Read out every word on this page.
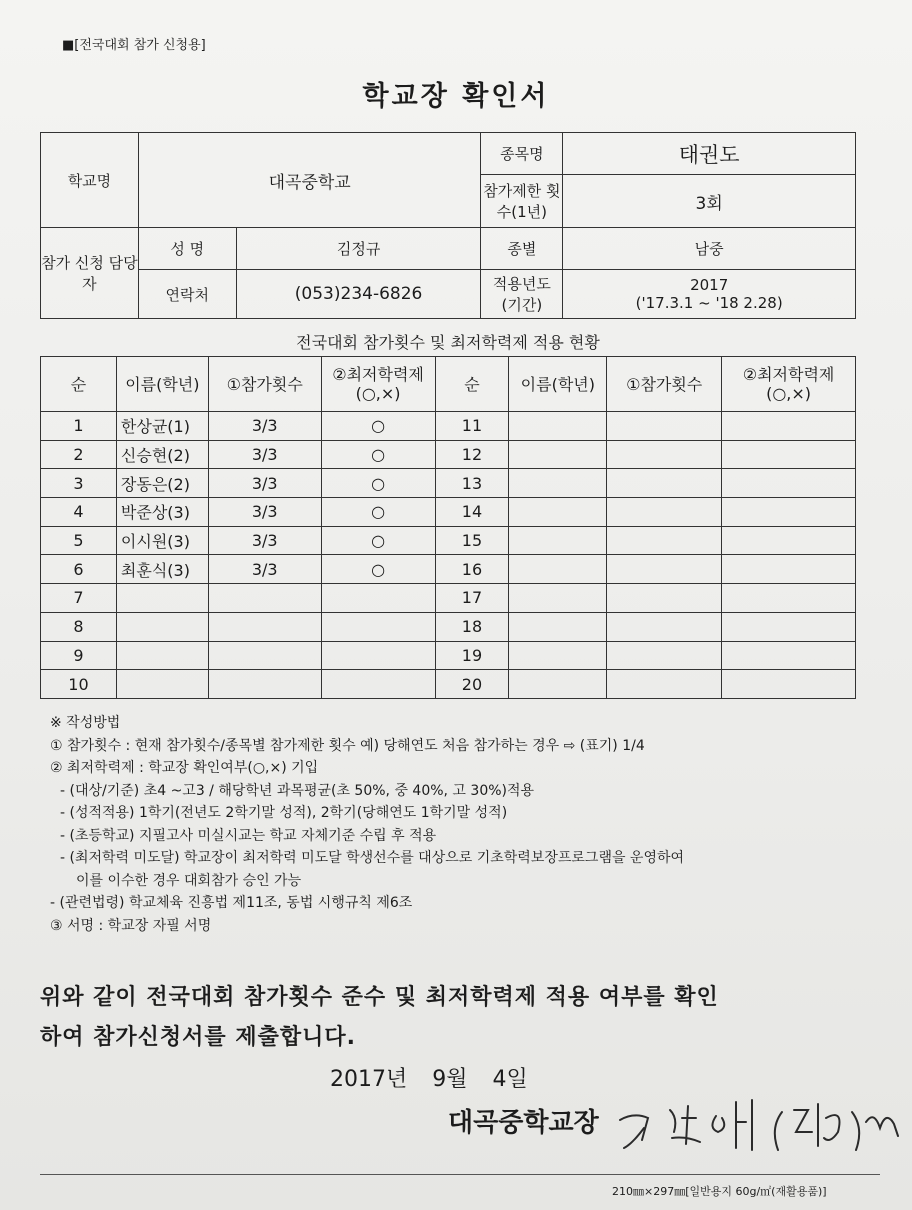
■[전국대회 참가 신청용]
학교장 확인서
학교명	대곡중학교		종목명	태권도
			참가제한 횟수(1년)	3회
참가 신청 담당자	성 명	김정규	종별	남중
	연락처	(053)234-6826	적용년도 (기간)	2017
('17.3.1 ~ '18 2.28)
전국대회 참가횟수 및 최저학력제 적용 현황
순	이름(학년)	①참가횟수	②최저학력제 (○,×)	순	이름(학년)	①참가횟수	②최저학력제 (○,×)
1	한상균(1)	3/3	○	11			
2	신승현(2)	3/3	○	12			
3	장동은(2)	3/3	○	13			
4	박준상(3)	3/3	○	14			
5	이시원(3)	3/3	○	15			
6	최훈식(3)	3/3	○	16			
7				17			
8				18			
9				19			
10				20			
※ 작성방법
① 참가횟수 : 현재 참가횟수/종목별 참가제한 횟수 예) 당해연도 처음 참가하는 경우 ⇨ (표기) 1/4
② 최저학력제 : 학교장 확인여부(○,×) 기입
- (대상/기준) 초4 ~고3 / 해당학년 과목평균(초 50%, 중 40%, 고 30%)적용
- (성적적용) 1학기(전년도 2학기말 성적), 2학기(당해연도 1학기말 성적)
- (초등학교) 지필고사 미실시교는 학교 자체기준 수립 후 적용
- (최저학력 미도달) 학교장이 최저학력 미도달 학생선수를 대상으로 기초학력보장프로그램을 운영하여
이를 이수한 경우 대회참가 승인 가능
- (관련법령) 학교체육 진흥법 제11조, 동법 시행규칙 제6조
③ 서명 : 학교장 자필 서명
위와 같이 전국대회 참가횟수 준수 및 최저학력제 적용 여부를 확인
하여 참가신청서를 제출합니다.
2017년 9월 4일
대곡중학교장
210㎜×297㎜[일반용지 60g/㎡(재활용품)]
